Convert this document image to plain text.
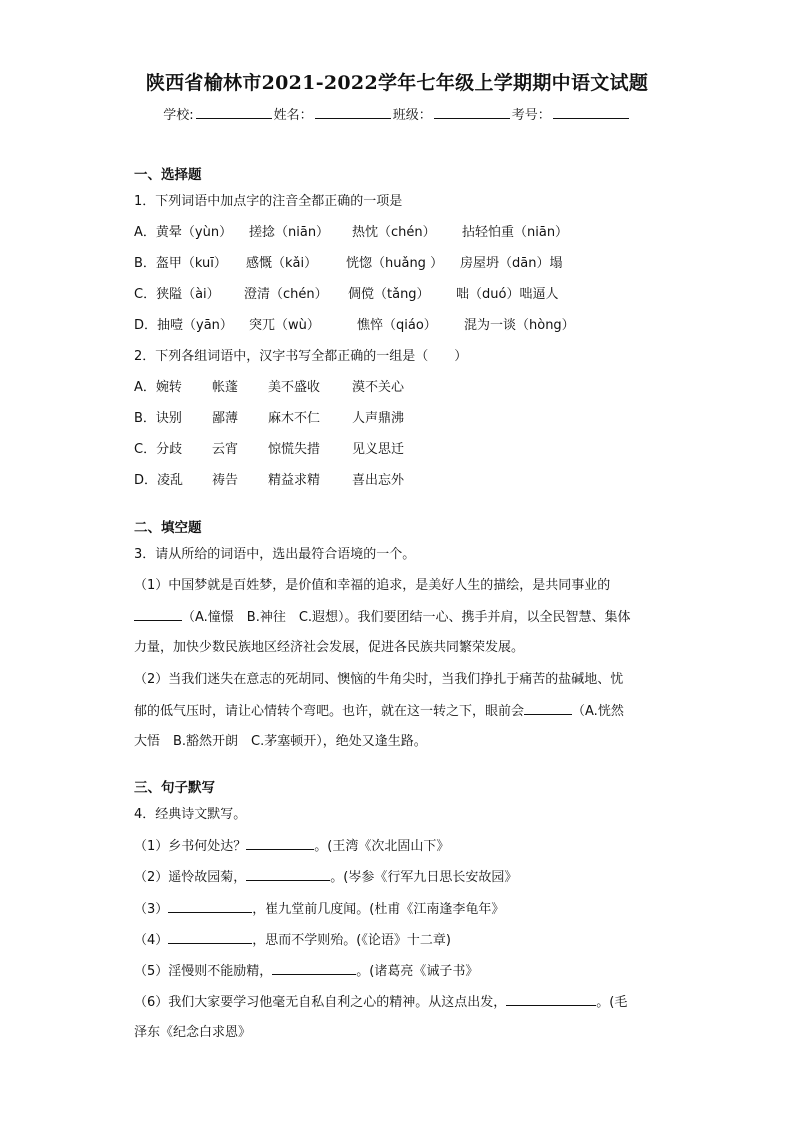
陕西省榆林市2021-2022学年七年级上学期期中语文试题
学校:	姓名：	班级：	考号：
一、选择题
1．下列词语中加点字的注音全都正确的一项是
A．黄晕（yùn） 搓捻（niān） 热忱（chén） 拈轻怕重（niān）
B．盔甲（kuī） 感慨（kǎi） 恍惚（huǎng ） 房屋坍（dān）塌
C．狭隘（ài） 澄清（chén） 倜傥（tǎng） 咄（duó）咄逼人
D．抽噎（yān） 突兀（wù）	憔悴（qiáo） 混为一谈（hòng）
2．下列各组词语中，汉字书写全都正确的一组是（　　）
A．婉转 帐蓬 美不盛收 漠不关心
B．诀别 鄙薄 麻木不仁 人声鼎沸
C．分歧 云宵 惊慌失措 见义思迁
D．凌乱 祷告 精益求精 喜出忘外
二、填空题
3．请从所给的词语中，选出最符合语境的一个。
（1）中国梦就是百姓梦，是价值和幸福的追求，是美好人生的描绘，是共同事业的
（A.憧憬　B.神往　C.遐想）。我们要团结一心、携手并肩，以全民智慧、集体
力量，加快少数民族地区经济社会发展，促进各民族共同繁荣发展。
（2）当我们迷失在意志的死胡同、懊恼的牛角尖时，当我们挣扎于痛苦的盐碱地、忧
郁的低气压时，请让心情转个弯吧。也许，就在这一转之下，眼前会	（A.恍然
大悟　B.豁然开朗　C.茅塞顿开），绝处又逢生路。
三、句子默写
4．经典诗文默写。
（1）乡书何处达？	。(王湾《次北固山下》
（2）遥怜故园菊，	。(岑参《行军九日思长安故园》
（3）	，崔九堂前几度闻。(杜甫《江南逢李龟年》
（4）	，思而不学则殆。(《论语》十二章)
（5）淫慢则不能励精，	。(诸葛亮《诫子书》
（6）我们大家要学习他毫无自私自利之心的精神。从这点出发，	。(毛
泽东《纪念白求恩》
